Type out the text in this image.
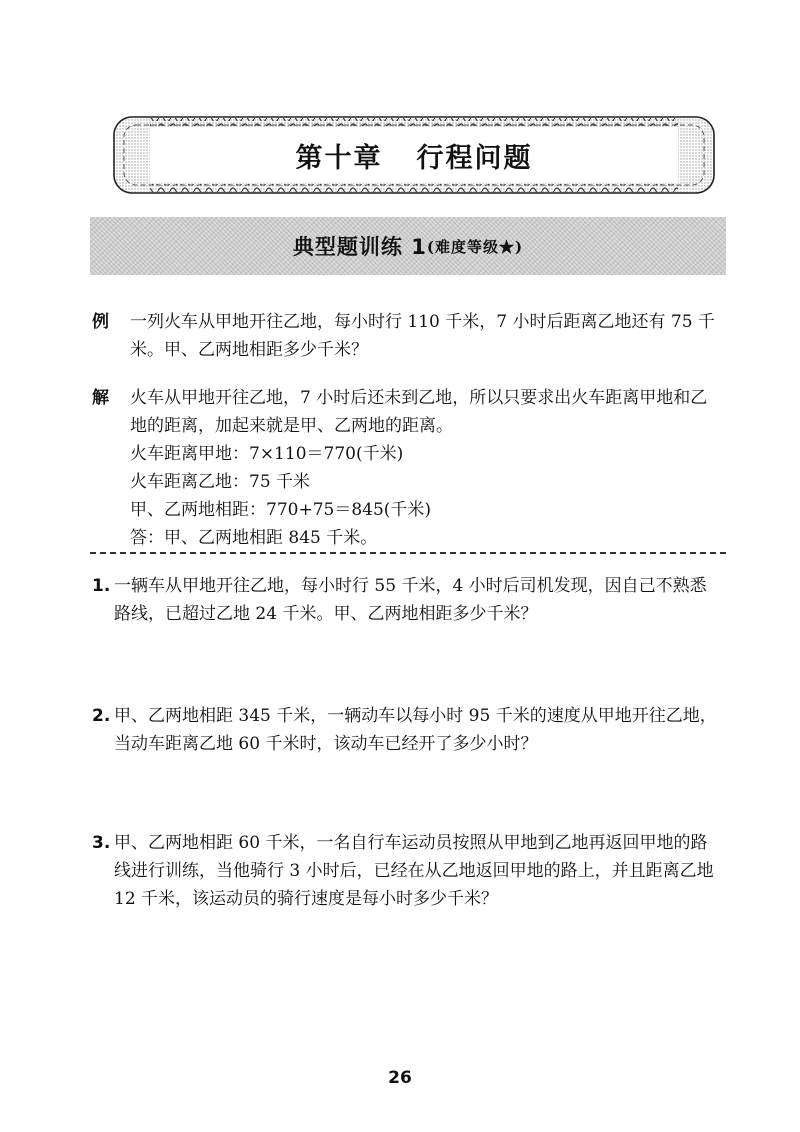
第十章 行程问题
典型题训练 1 (难度等级★)
例 一列火车从甲地开往乙地，每小时行 110 千米，7 小时后距离乙地还有 75 千
米。甲、乙两地相距多少千米？
解 火车从甲地开往乙地，7 小时后还未到乙地，所以只要求出火车距离甲地和乙
地的距离，加起来就是甲、乙两地的距离。
火车距离甲地：7×110＝770(千米)
火车距离乙地：75 千米
甲、乙两地相距：770+75＝845(千米)
答：甲、乙两地相距 845 千米。
1. 一辆车从甲地开往乙地，每小时行 55 千米，4 小时后司机发现，因自己不熟悉
路线，已超过乙地 24 千米。甲、乙两地相距多少千米？
2. 甲、乙两地相距 345 千米，一辆动车以每小时 95 千米的速度从甲地开往乙地，
当动车距离乙地 60 千米时，该动车已经开了多少小时？
3. 甲、乙两地相距 60 千米，一名自行车运动员按照从甲地到乙地再返回甲地的路
线进行训练，当他骑行 3 小时后，已经在从乙地返回甲地的路上，并且距离乙地
12 千米，该运动员的骑行速度是每小时多少千米？
26
